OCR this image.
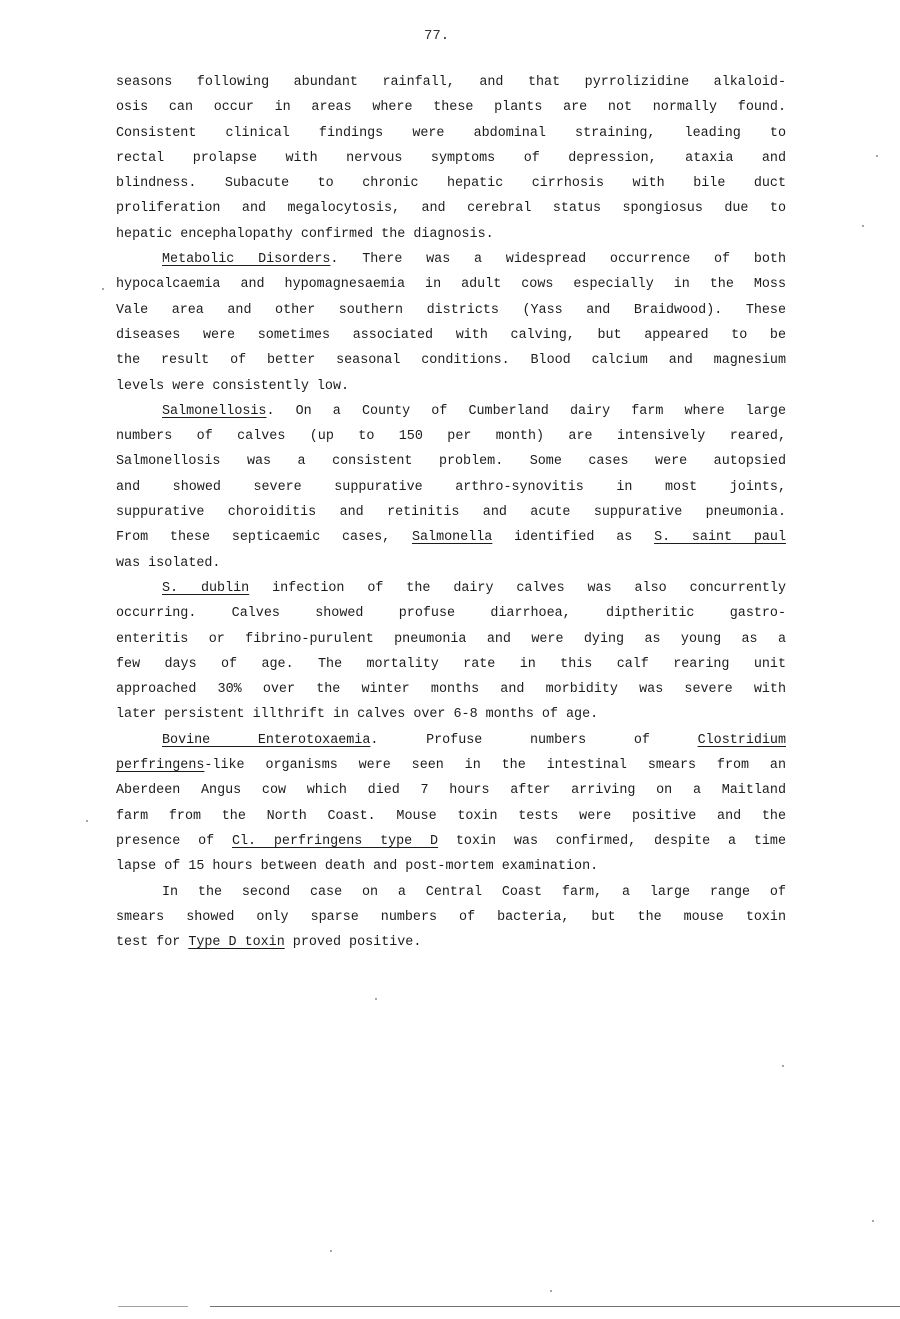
77.
seasons following abundant rainfall, and that pyrrolizidine alkaloid-
osis can occur in areas where these plants are not normally found.
Consistent clinical findings were abdominal straining, leading to
rectal prolapse with nervous symptoms of depression, ataxia and
blindness. Subacute to chronic hepatic cirrhosis with bile duct
proliferation and megalocytosis, and cerebral status spongiosus due to
hepatic encephalopathy confirmed the diagnosis.
Metabolic Disorders. There was a widespread occurrence of both
hypocalcaemia and hypomagnesaemia in adult cows especially in the Moss
Vale area and other southern districts (Yass and Braidwood). These
diseases were sometimes associated with calving, but appeared to be
the result of better seasonal conditions. Blood calcium and magnesium
levels were consistently low.
Salmonellosis. On a County of Cumberland dairy farm where large
numbers of calves (up to 150 per month) are intensively reared,
Salmonellosis was a consistent problem. Some cases were autopsied
and showed severe suppurative arthro-synovitis in most joints,
suppurative choroiditis and retinitis and acute suppurative pneumonia.
From these septicaemic cases, Salmonella identified as S. saint paul
was isolated.
S. dublin infection of the dairy calves was also concurrently
occurring. Calves showed profuse diarrhoea, diptheritic gastro-
enteritis or fibrino-purulent pneumonia and were dying as young as a
few days of age. The mortality rate in this calf rearing unit
approached 30% over the winter months and morbidity was severe with
later persistent illthrift in calves over 6-8 months of age.
Bovine Enterotoxaemia. Profuse numbers of Clostridium
perfringens-like organisms were seen in the intestinal smears from an
Aberdeen Angus cow which died 7 hours after arriving on a Maitland
farm from the North Coast. Mouse toxin tests were positive and the
presence of Cl. perfringens type D toxin was confirmed, despite a time
lapse of 15 hours between death and post-mortem examination.
In the second case on a Central Coast farm, a large range of
smears showed only sparse numbers of bacteria, but the mouse toxin
test for Type D toxin proved positive.
